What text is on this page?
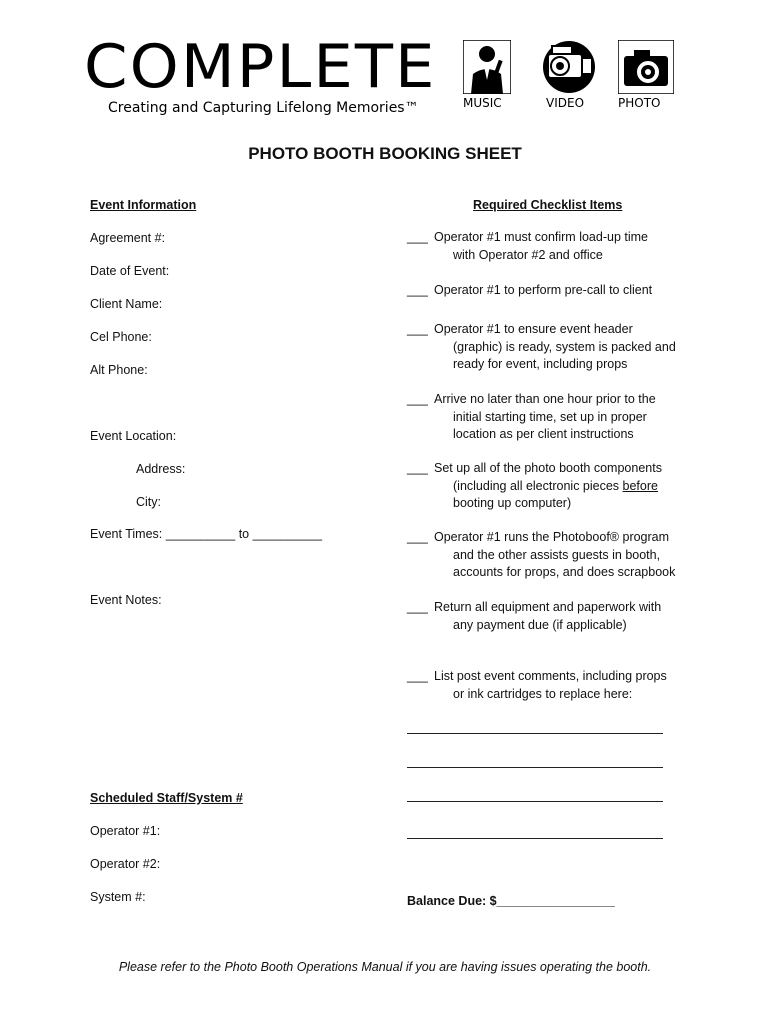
COMPLETE
Creating and Capturing Lifelong Memories™	MUSIC	VIDEO	PHOTO
PHOTO BOOTH BOOKING SHEET
Event Information
Agreement #:
Date of Event:
Client Name:
Cel Phone:
Alt Phone:
Event Location:
Address:
City:
Event Times: __________ to __________
Event Notes:
Scheduled Staff/System #
Operator #1:
Operator #2:
System #:
Required Checklist Items
___ Operator #1 must confirm load-up time
with Operator #2 and office
___ Operator #1 to perform pre-call to client
___ Operator #1 to ensure event header
(graphic) is ready, system is packed and
ready for event, including props
___ Arrive no later than one hour prior to the
initial starting time, set up in proper
location as per client instructions
___ Set up all of the photo booth components
(including all electronic pieces before
booting up computer)
___ Operator #1 runs the Photoboof® program
and the other assists guests in booth,
accounts for props, and does scrapbook
___ Return all equipment and paperwork with
any payment due (if applicable)
___ List post event comments, including props
or ink cartridges to replace here:
Balance Due: $_________________
Please refer to the Photo Booth Operations Manual if you are having issues operating the booth.
